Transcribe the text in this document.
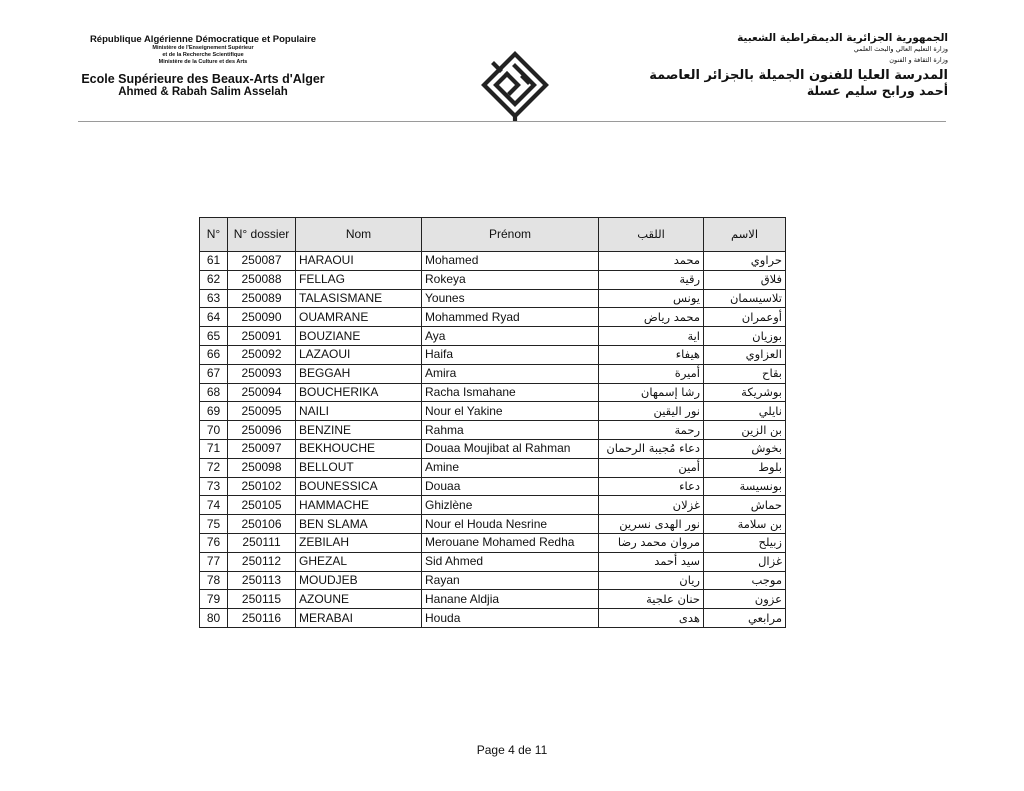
République Algérienne Démocratique et Populaire
Ministère de l'Enseignement Supérieur
et de la Recherche Scientifique
Ministère de la Culture et des Arts
Ecole Supérieure des Beaux-Arts d'Alger
Ahmed & Rabah Salim Asselah
الجمهورية الجزائرية الديمقراطية الشعبية
وزارة التعليم العالي والبحث العلمي
وزارة الثقافة و الفنون
المدرسة العليا للفنون الجميلة بالجزائر العاصمة
أحمد ورابح سليم عسلة
N°	N° dossier	Nom	Prénom	اللقب	الاسم
61	250087	HARAOUI	Mohamed	محمد	حراوي
62	250088	FELLAG	Rokeya	رقية	فلاق
63	250089	TALASISMANE	Younes	يونس	تلاسيسمان
64	250090	OUAMRANE	Mohammed Ryad	محمد رياض	أوعمران
65	250091	BOUZIANE	Aya	اية	بوزيان
66	250092	LAZAOUI	Haifa	هيفاء	العزاوي
67	250093	BEGGAH	Amira	أميرة	بقاح
68	250094	BOUCHERIKA	Racha Ismahane	رشا إسمهان	بوشريكة
69	250095	NAILI	Nour el Yakine	نور اليقين	نايلي
70	250096	BENZINE	Rahma	رحمة	بن الزين
71	250097	BEKHOUCHE	Douaa Moujibat al Rahman	دعاء مُجيبة الرحمان	بخوش
72	250098	BELLOUT	Amine	أمين	بلوط
73	250102	BOUNESSICA	Douaa	دعاء	بونسيسة
74	250105	HAMMACHE	Ghizlène	غزلان	حماش
75	250106	BEN SLAMA	Nour el Houda Nesrine	نور الهدى نسرين	بن سلامة
76	250111	ZEBILAH	Merouane Mohamed Redha	مروان محمد رضا	زبيلح
77	250112	GHEZAL	Sid Ahmed	سيد أحمد	غزال
78	250113	MOUDJEB	Rayan	ريان	موجب
79	250115	AZOUNE	Hanane Aldjia	حنان علجية	عزون
80	250116	MERABAI	Houda	هدى	مرابعي
Page 4 de 11
